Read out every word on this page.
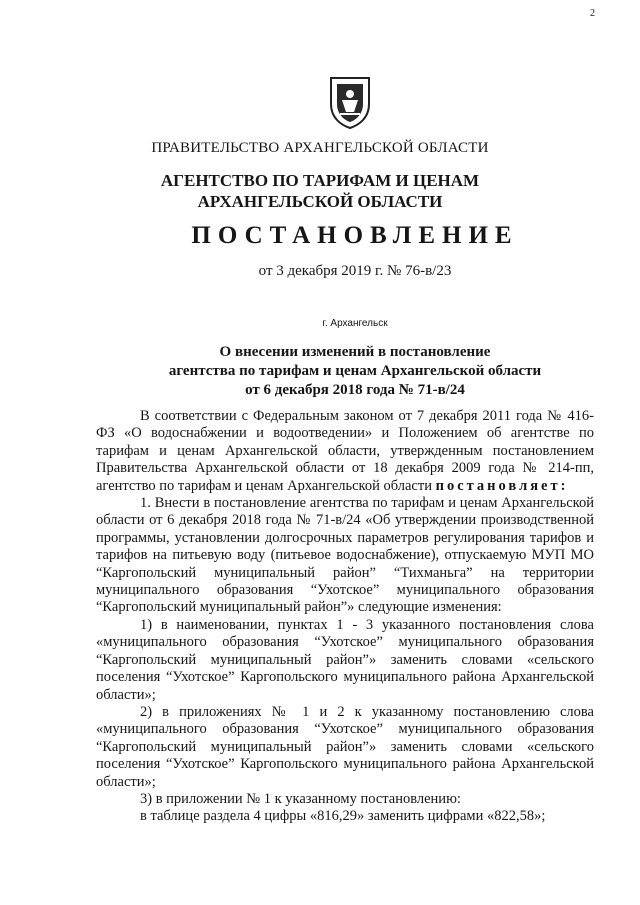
2
ПРАВИТЕЛЬСТВО АРХАНГЕЛЬСКОЙ ОБЛАСТИ
АГЕНТСТВО ПО ТАРИФАМ И ЦЕНАМ
АРХАНГЕЛЬСКОЙ ОБЛАСТИ
ПОСТАНОВЛЕНИЕ
от 3 декабря 2019 г. № 76-в/23
г. Архангельск
О внесении изменений в постановление
агентства по тарифам и ценам Архангельской области
от 6 декабря 2018 года № 71-в/24

В соответствии с Федеральным законом от 7 декабря 2011 года № 416-ФЗ «О водоснабжении и водоотведении» и Положением об агентстве по тарифам и ценам Архангельской области, утвержденным постановлением Правительства Архангельской области от 18 декабря 2009 года № 214-пп, агентство по тарифам и ценам Архангельской области постановляет:

1. Внести в постановление агентства по тарифам и ценам Архангельской области от 6 декабря 2018 года № 71-в/24 «Об утверждении производственной программы, установлении долгосрочных параметров регулирования тарифов и тарифов на питьевую воду (питьевое водоснабжение), отпускаемую МУП МО “Каргопольский муниципальный район” “Тихманьга” на территории муниципального образования “Ухотское” муниципального образования “Каргопольский муниципальный район”» следующие изменения:

1) в наименовании, пунктах 1 - 3 указанного постановления слова «муниципального образования “Ухотское” муниципального образования “Каргопольский муниципальный район”» заменить словами «сельского поселения “Ухотское” Каргопольского муниципального района Архангельской области»;

2) в приложениях № 1 и 2 к указанному постановлению слова «муниципального образования “Ухотское” муниципального образования “Каргопольский муниципальный район”» заменить словами «сельского поселения “Ухотское” Каргопольского муниципального района Архангельской области»;

3) в приложении № 1 к указанному постановлению:

в таблице раздела 4 цифры «816,29» заменить цифрами «822,58»;
